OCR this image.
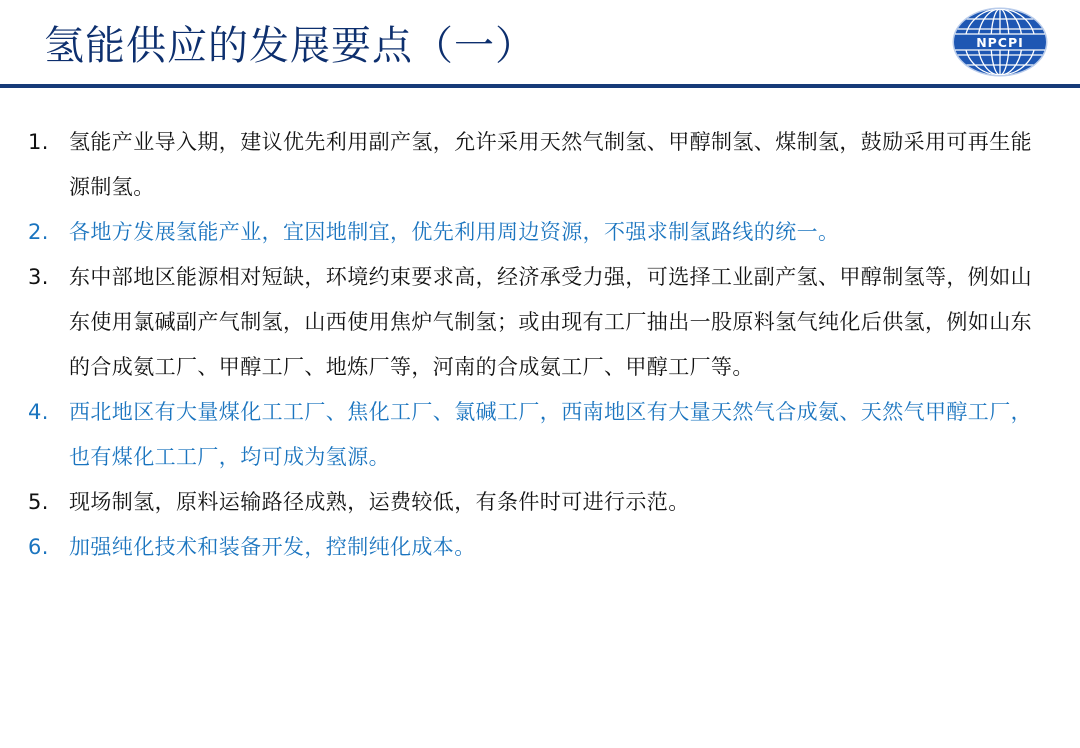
氢能供应的发展要点（一）	NPCPI
1. 氢能产业导入期，建议优先利用副产氢，允许采用天然气制氢、甲醇制氢、煤制氢，鼓励采用可再生能源制氢。
2. 各地方发展氢能产业，宜因地制宜，优先利用周边资源，不强求制氢路线的统一。
3. 东中部地区能源相对短缺，环境约束要求高，经济承受力强，可选择工业副产氢、甲醇制氢等，例如山东使用氯碱副产气制氢，山西使用焦炉气制氢；或由现有工厂抽出一股原料氢气纯化后供氢，例如山东的合成氨工厂、甲醇工厂、地炼厂等，河南的合成氨工厂、甲醇工厂等。
4. 西北地区有大量煤化工工厂、焦化工厂、氯碱工厂，西南地区有大量天然气合成氨、天然气甲醇工厂，也有煤化工工厂，均可成为氢源。
5. 现场制氢，原料运输路径成熟，运费较低，有条件时可进行示范。
6. 加强纯化技术和装备开发，控制纯化成本。
